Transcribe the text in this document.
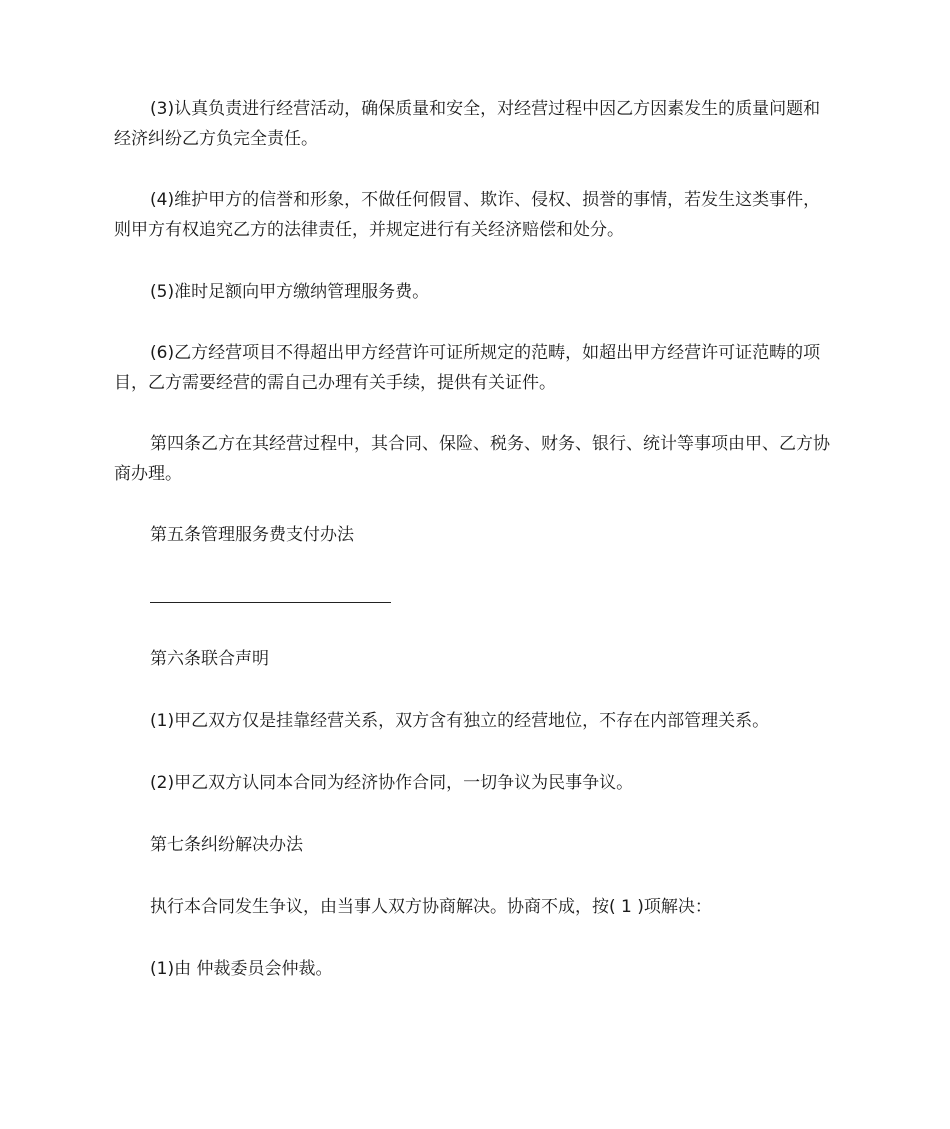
(3)认真负责进行经营活动，确保质量和安全，对经营过程中因乙方因素发生的质量问题和经济纠纷乙方负完全责任。

(4)维护甲方的信誉和形象，不做任何假冒、欺诈、侵权、损誉的事情，若发生这类事件，则甲方有权追究乙方的法律责任，并规定进行有关经济赔偿和处分。

(5)准时足额向甲方缴纳管理服务费。

(6)乙方经营项目不得超出甲方经营许可证所规定的范畴，如超出甲方经营许可证范畴的项目，乙方需要经营的需自己办理有关手续，提供有关证件。

第四条乙方在其经营过程中，其合同、保险、税务、财务、银行、统计等事项由甲、乙方协商办理。

第五条管理服务费支付办法

第六条联合声明

(1)甲乙双方仅是挂靠经营关系，双方含有独立的经营地位，不存在内部管理关系。

(2)甲乙双方认同本合同为经济协作合同，一切争议为民事争议。

第七条纠纷解决办法

执行本合同发生争议，由当事人双方协商解决。协商不成，按( 1 )项解决：

(1)由 仲裁委员会仲裁。
